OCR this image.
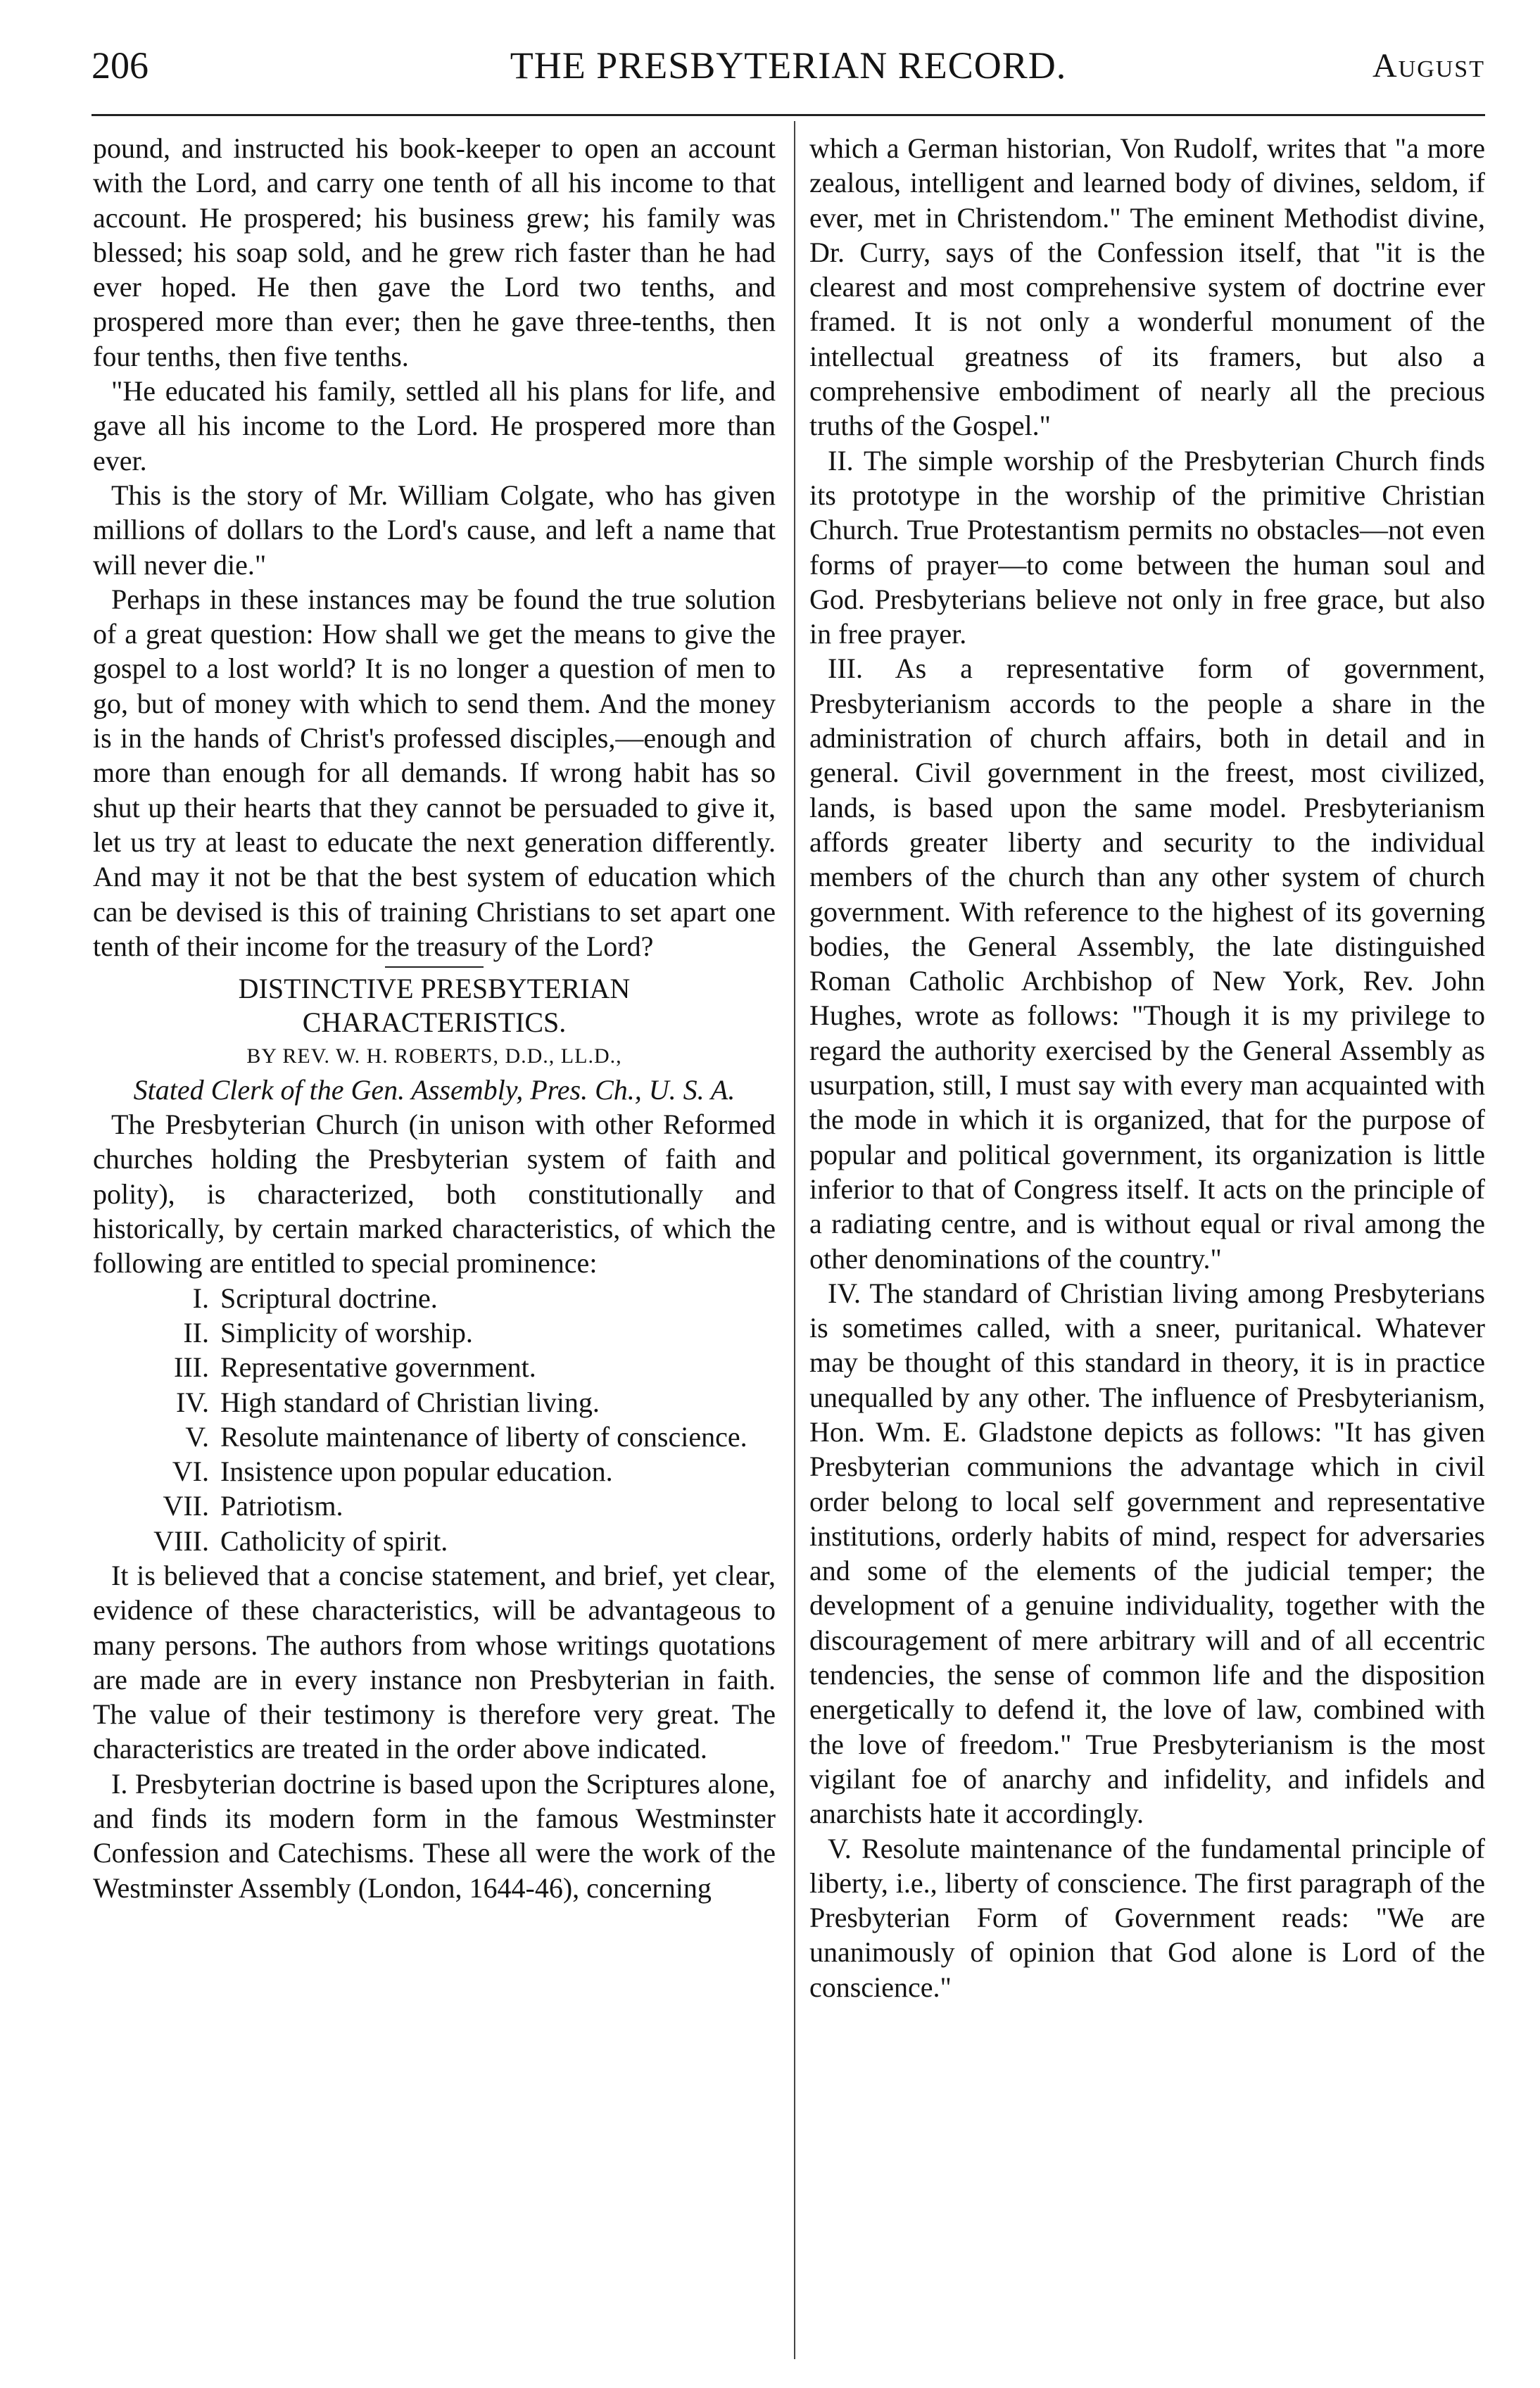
206	THE PRESBYTERIAN RECORD.	August

pound, and instructed his book-keeper to open an account with the Lord, and carry one tenth of all his income to that account. He prospered; his business grew; his family was blessed; his soap sold, and he grew rich faster than he had ever hoped. He then gave the Lord two tenths, and prospered more than ever; then he gave three-tenths, then four tenths, then five tenths.

"He educated his family, settled all his plans for life, and gave all his income to the Lord. He prospered more than ever.

This is the story of Mr. William Colgate, who has given millions of dollars to the Lord's cause, and left a name that will never die."

Perhaps in these instances may be found the true solution of a great question: How shall we get the means to give the gospel to a lost world? It is no longer a question of men to go, but of money with which to send them. And the money is in the hands of Christ's professed disciples,—enough and more than enough for all demands. If wrong habit has so shut up their hearts that they cannot be persuaded to give it, let us try at least to educate the next generation differently. And may it not be that the best system of education which can be devised is this of training Christians to set apart one tenth of their income for the treasury of the Lord?

DISTINCTIVE PRESBYTERIAN
CHARACTERISTICS.
BY REV. W. H. ROBERTS, D.D., LL.D.,
Stated Clerk of the Gen. Assembly, Pres. Ch., U. S. A.

The Presbyterian Church (in unison with other Reformed churches holding the Presbyterian system of faith and polity), is characterized, both constitutionally and historically, by certain marked characteristics, of which the following are entitled to special prominence:

I. Scriptural doctrine.
II. Simplicity of worship.
III. Representative government.
IV. High standard of Christian living.
V. Resolute maintenance of liberty of conscience.
VI. Insistence upon popular education.
VII. Patriotism.
VIII. Catholicity of spirit.

It is believed that a concise statement, and brief, yet clear, evidence of these characteristics, will be advantageous to many persons. The authors from whose writings quotations are made are in every instance non Presbyterian in faith. The value of their testimony is therefore very great. The characteristics are treated in the order above indicated.

I. Presbyterian doctrine is based upon the Scriptures alone, and finds its modern form in the famous Westminster Confession and Catechisms. These all were the work of the Westminster Assembly (London, 1644-46), concerning

which a German historian, Von Rudolf, writes that "a more zealous, intelligent and learned body of divines, seldom, if ever, met in Christendom." The eminent Methodist divine, Dr. Curry, says of the Confession itself, that "it is the clearest and most comprehensive system of doctrine ever framed. It is not only a wonderful monument of the intellectual greatness of its framers, but also a comprehensive embodiment of nearly all the precious truths of the Gospel."

II. The simple worship of the Presbyterian Church finds its prototype in the worship of the primitive Christian Church. True Protestantism permits no obstacles—not even forms of prayer—to come between the human soul and God. Presbyterians believe not only in free grace, but also in free prayer.

III. As a representative form of government, Presbyterianism accords to the people a share in the administration of church affairs, both in detail and in general. Civil government in the freest, most civilized, lands, is based upon the same model. Presbyterianism affords greater liberty and security to the individual members of the church than any other system of church government. With reference to the highest of its governing bodies, the General Assembly, the late distinguished Roman Catholic Archbishop of New York, Rev. John Hughes, wrote as follows: "Though it is my privilege to regard the authority exercised by the General Assembly as usurpation, still, I must say with every man acquainted with the mode in which it is organized, that for the purpose of popular and political government, its organization is little inferior to that of Congress itself. It acts on the principle of a radiating centre, and is without equal or rival among the other denominations of the country."

IV. The standard of Christian living among Presbyterians is sometimes called, with a sneer, puritanical. Whatever may be thought of this standard in theory, it is in practice unequalled by any other. The influence of Presbyterianism, Hon. Wm. E. Gladstone depicts as follows: "It has given Presbyterian communions the advantage which in civil order belong to local self government and representative institutions, orderly habits of mind, respect for adversaries and some of the elements of the judicial temper; the development of a genuine individuality, together with the discouragement of mere arbitrary will and of all eccentric tendencies, the sense of common life and the disposition energetically to defend it, the love of law, combined with the love of freedom." True Presbyterianism is the most vigilant foe of anarchy and infidelity, and infidels and anarchists hate it accordingly.

V. Resolute maintenance of the fundamental principle of liberty, i.e., liberty of conscience. The first paragraph of the Presbyterian Form of Government reads: "We are unanimously of opinion that God alone is Lord of the conscience."
